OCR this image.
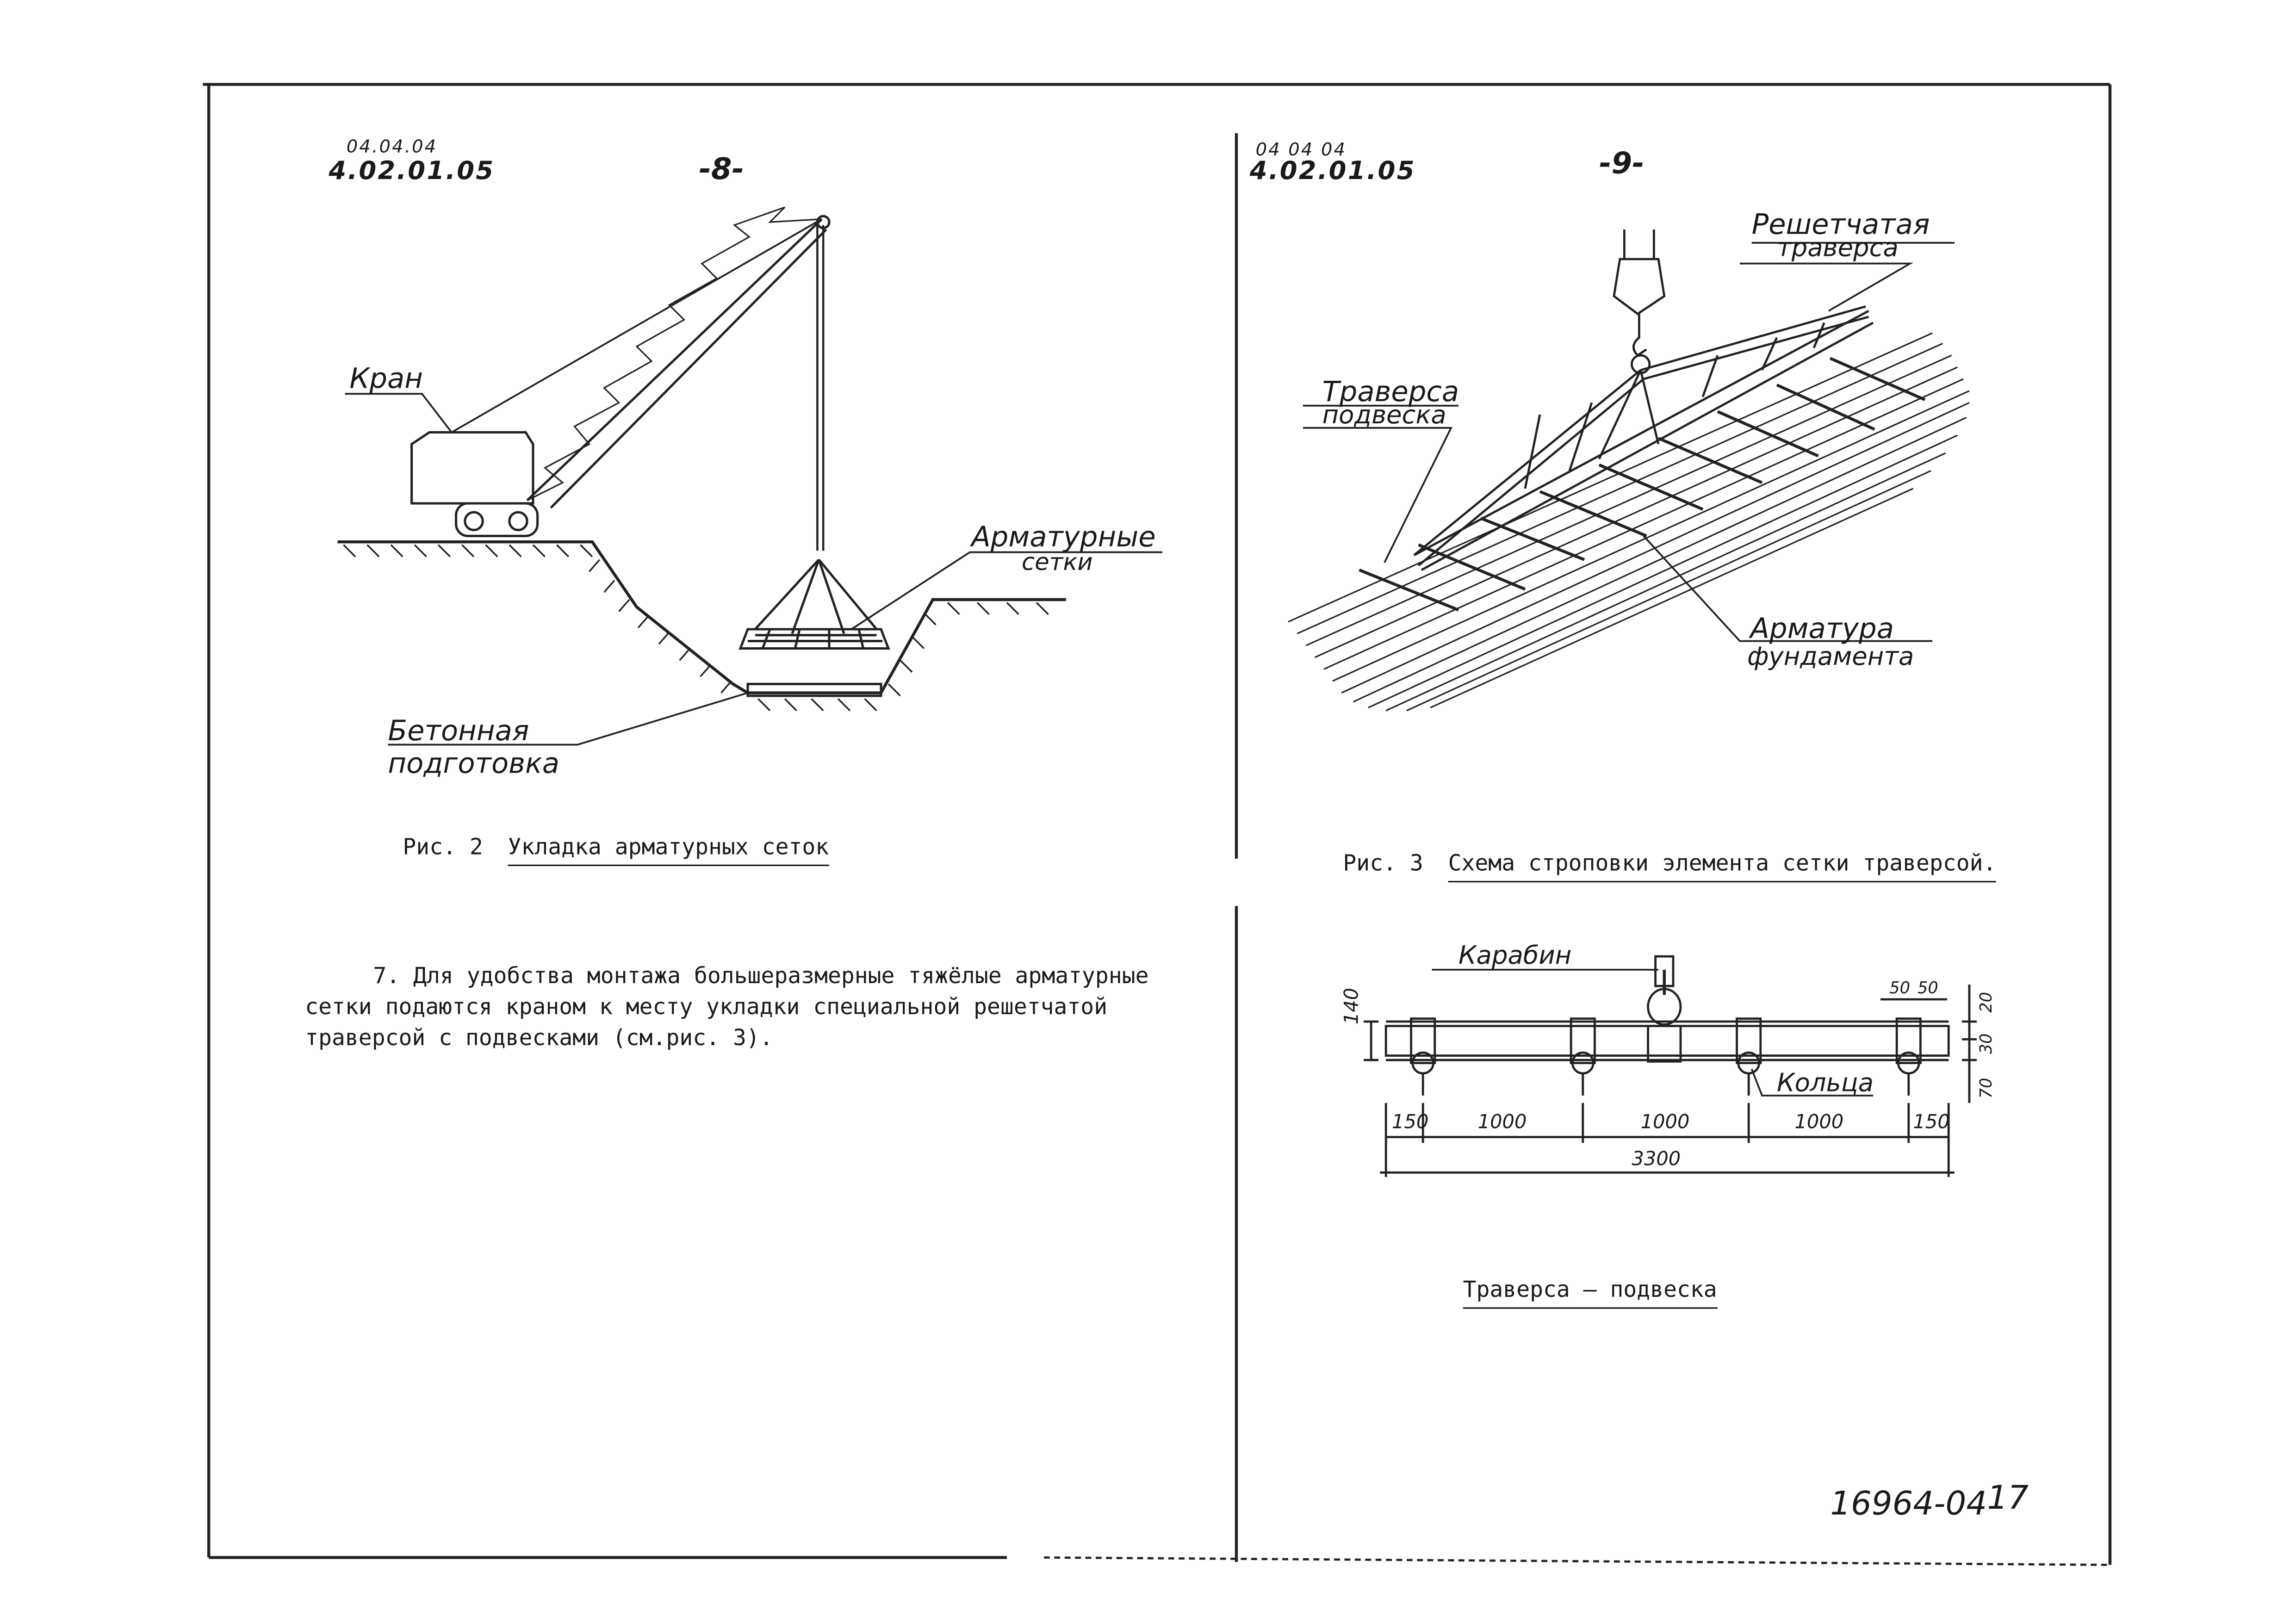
04.04.04
4.02.01.05	-8-
Кран
Арматурные
сетки
Бетонная
подготовка
Рис. 2	Укладка арматурных сеток
7. Для удобства монтажа большеразмерные тяжёлые арматурные
сетки подаются краном к месту укладки специальной решетчатой
траверсой с подвесками (см.рис. 3).
04 04 04
4.02.01.05	-9-
Решетчатая
траверса
Траверса
подвеска
Арматура
фундамента
Рис. 3	Схема строповки элемента сетки траверсой.
Карабин
Кольца
150	1000	1000	1000	150
3300
140	50 50
20
30
70
Траверса – подвеска
16964-04 17
